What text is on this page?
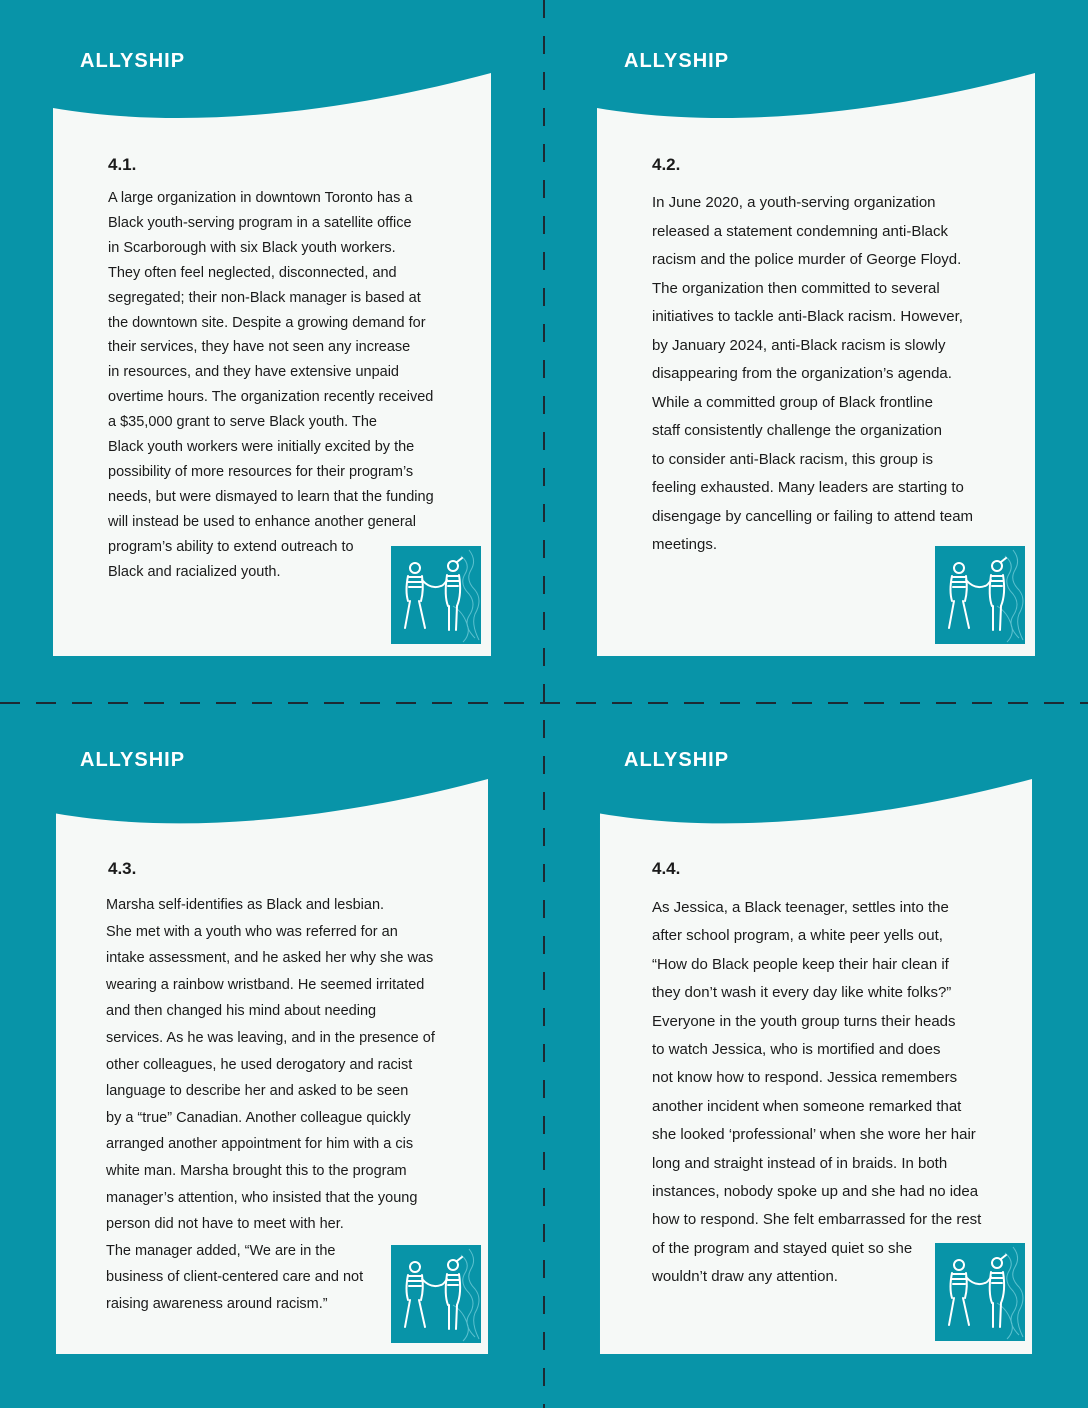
ALLYSHIP

4.1.

A large organization in downtown Toronto has a
Black youth-serving program in a satellite office
in Scarborough with six Black youth workers.
They often feel neglected, disconnected, and
segregated; their non-Black manager is based at
the downtown site. Despite a growing demand for
their services, they have not seen any increase
in resources, and they have extensive unpaid
overtime hours. The organization recently received
a $35,000 grant to serve Black youth. The
Black youth workers were initially excited by the
possibility of more resources for their program’s
needs, but were dismayed to learn that the funding
will instead be used to enhance another general
program’s ability to extend outreach to
Black and racialized youth.

ALLYSHIP

4.2.

In June 2020, a youth-serving organization
released a statement condemning anti-Black
racism and the police murder of George Floyd.
The organization then committed to several
initiatives to tackle anti-Black racism. However,
by January 2024, anti-Black racism is slowly
disappearing from the organization’s agenda.
While a committed group of Black frontline
staff consistently challenge the organization
to consider anti-Black racism, this group is
feeling exhausted. Many leaders are starting to
disengage by cancelling or failing to attend team
meetings.

ALLYSHIP

4.3.

Marsha self-identifies as Black and lesbian.
She met with a youth who was referred for an
intake assessment, and he asked her why she was
wearing a rainbow wristband. He seemed irritated
and then changed his mind about needing
services. As he was leaving, and in the presence of
other colleagues, he used derogatory and racist
language to describe her and asked to be seen
by a “true” Canadian. Another colleague quickly
arranged another appointment for him with a cis
white man. Marsha brought this to the program
manager’s attention, who insisted that the young
person did not have to meet with her.
The manager added, “We are in the
business of client-centered care and not
raising awareness around racism.”

ALLYSHIP

4.4.

As Jessica, a Black teenager, settles into the
after school program, a white peer yells out,
“How do Black people keep their hair clean if
they don’t wash it every day like white folks?”
Everyone in the youth group turns their heads
to watch Jessica, who is mortified and does
not know how to respond. Jessica remembers
another incident when someone remarked that
she looked ‘professional’ when she wore her hair
long and straight instead of in braids. In both
instances, nobody spoke up and she had no idea
how to respond. She felt embarrassed for the rest
of the program and stayed quiet so she
wouldn’t draw any attention.
